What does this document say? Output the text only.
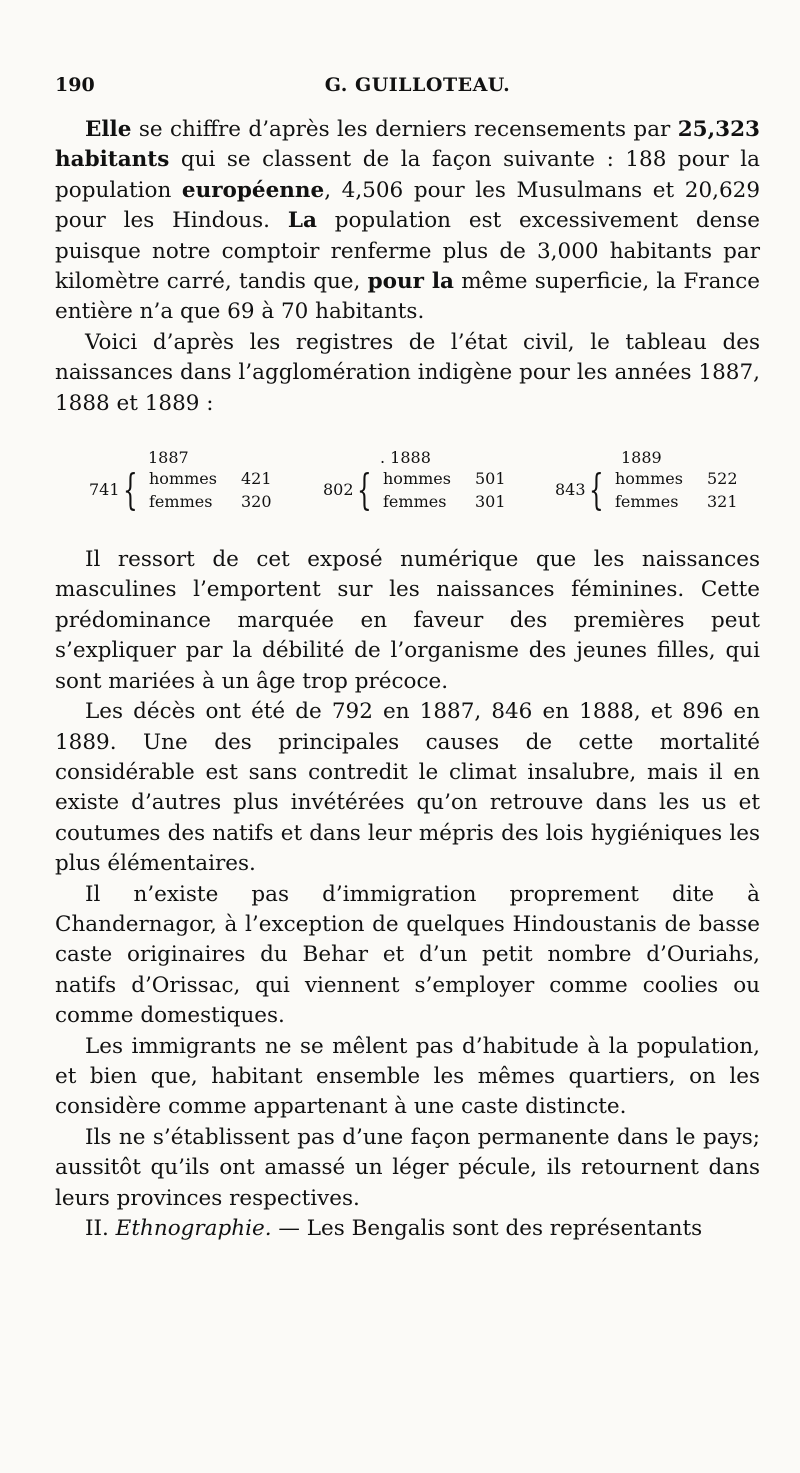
190	G. GUILLOTEAU.

Elle se chiffre d’après les derniers recensements par 25,323 habitants qui se classent de la façon suivante : 188 pour la population européenne, 4,506 pour les Musulmans et 20,629 pour les Hindous. La population est excessivement dense puisque notre comptoir renferme plus de 3,000 habitants par kilomètre carré, tandis que, pour la même superficie, la France entière n’a que 69 à 70 habitants.

Voici d’après les registres de l’état civil, le tableau des naissances dans l’agglomération indigène pour les années 1887, 1888 et 1889 :

1887	. 1888	1889
741 { hommes 421
femmes 320
802 { hommes 501
femmes 301
843 { hommes 522
femmes 321

Il ressort de cet exposé numérique que les naissances masculines l’emportent sur les naissances féminines. Cette prédominance marquée en faveur des premières peut s’expliquer par la débilité de l’organisme des jeunes filles, qui sont mariées à un âge trop précoce.

Les décès ont été de 792 en 1887, 846 en 1888, et 896 en 1889. Une des principales causes de cette mortalité considérable est sans contredit le climat insalubre, mais il en existe d’autres plus invétérées qu’on retrouve dans les us et coutumes des natifs et dans leur mépris des lois hygiéniques les plus élémentaires.

Il n’existe pas d’immigration proprement dite à Chandernagor, à l’exception de quelques Hindoustanis de basse caste originaires du Behar et d’un petit nombre d’Ouriahs, natifs d’Orissac, qui viennent s’employer comme coolies ou comme domestiques.

Les immigrants ne se mêlent pas d’habitude à la population, et bien que, habitant ensemble les mêmes quartiers, on les considère comme appartenant à une caste distincte.

Ils ne s’établissent pas d’une façon permanente dans le pays; aussitôt qu’ils ont amassé un léger pécule, ils retournent dans leurs provinces respectives.

II. Ethnographie. — Les Bengalis sont des représentants
